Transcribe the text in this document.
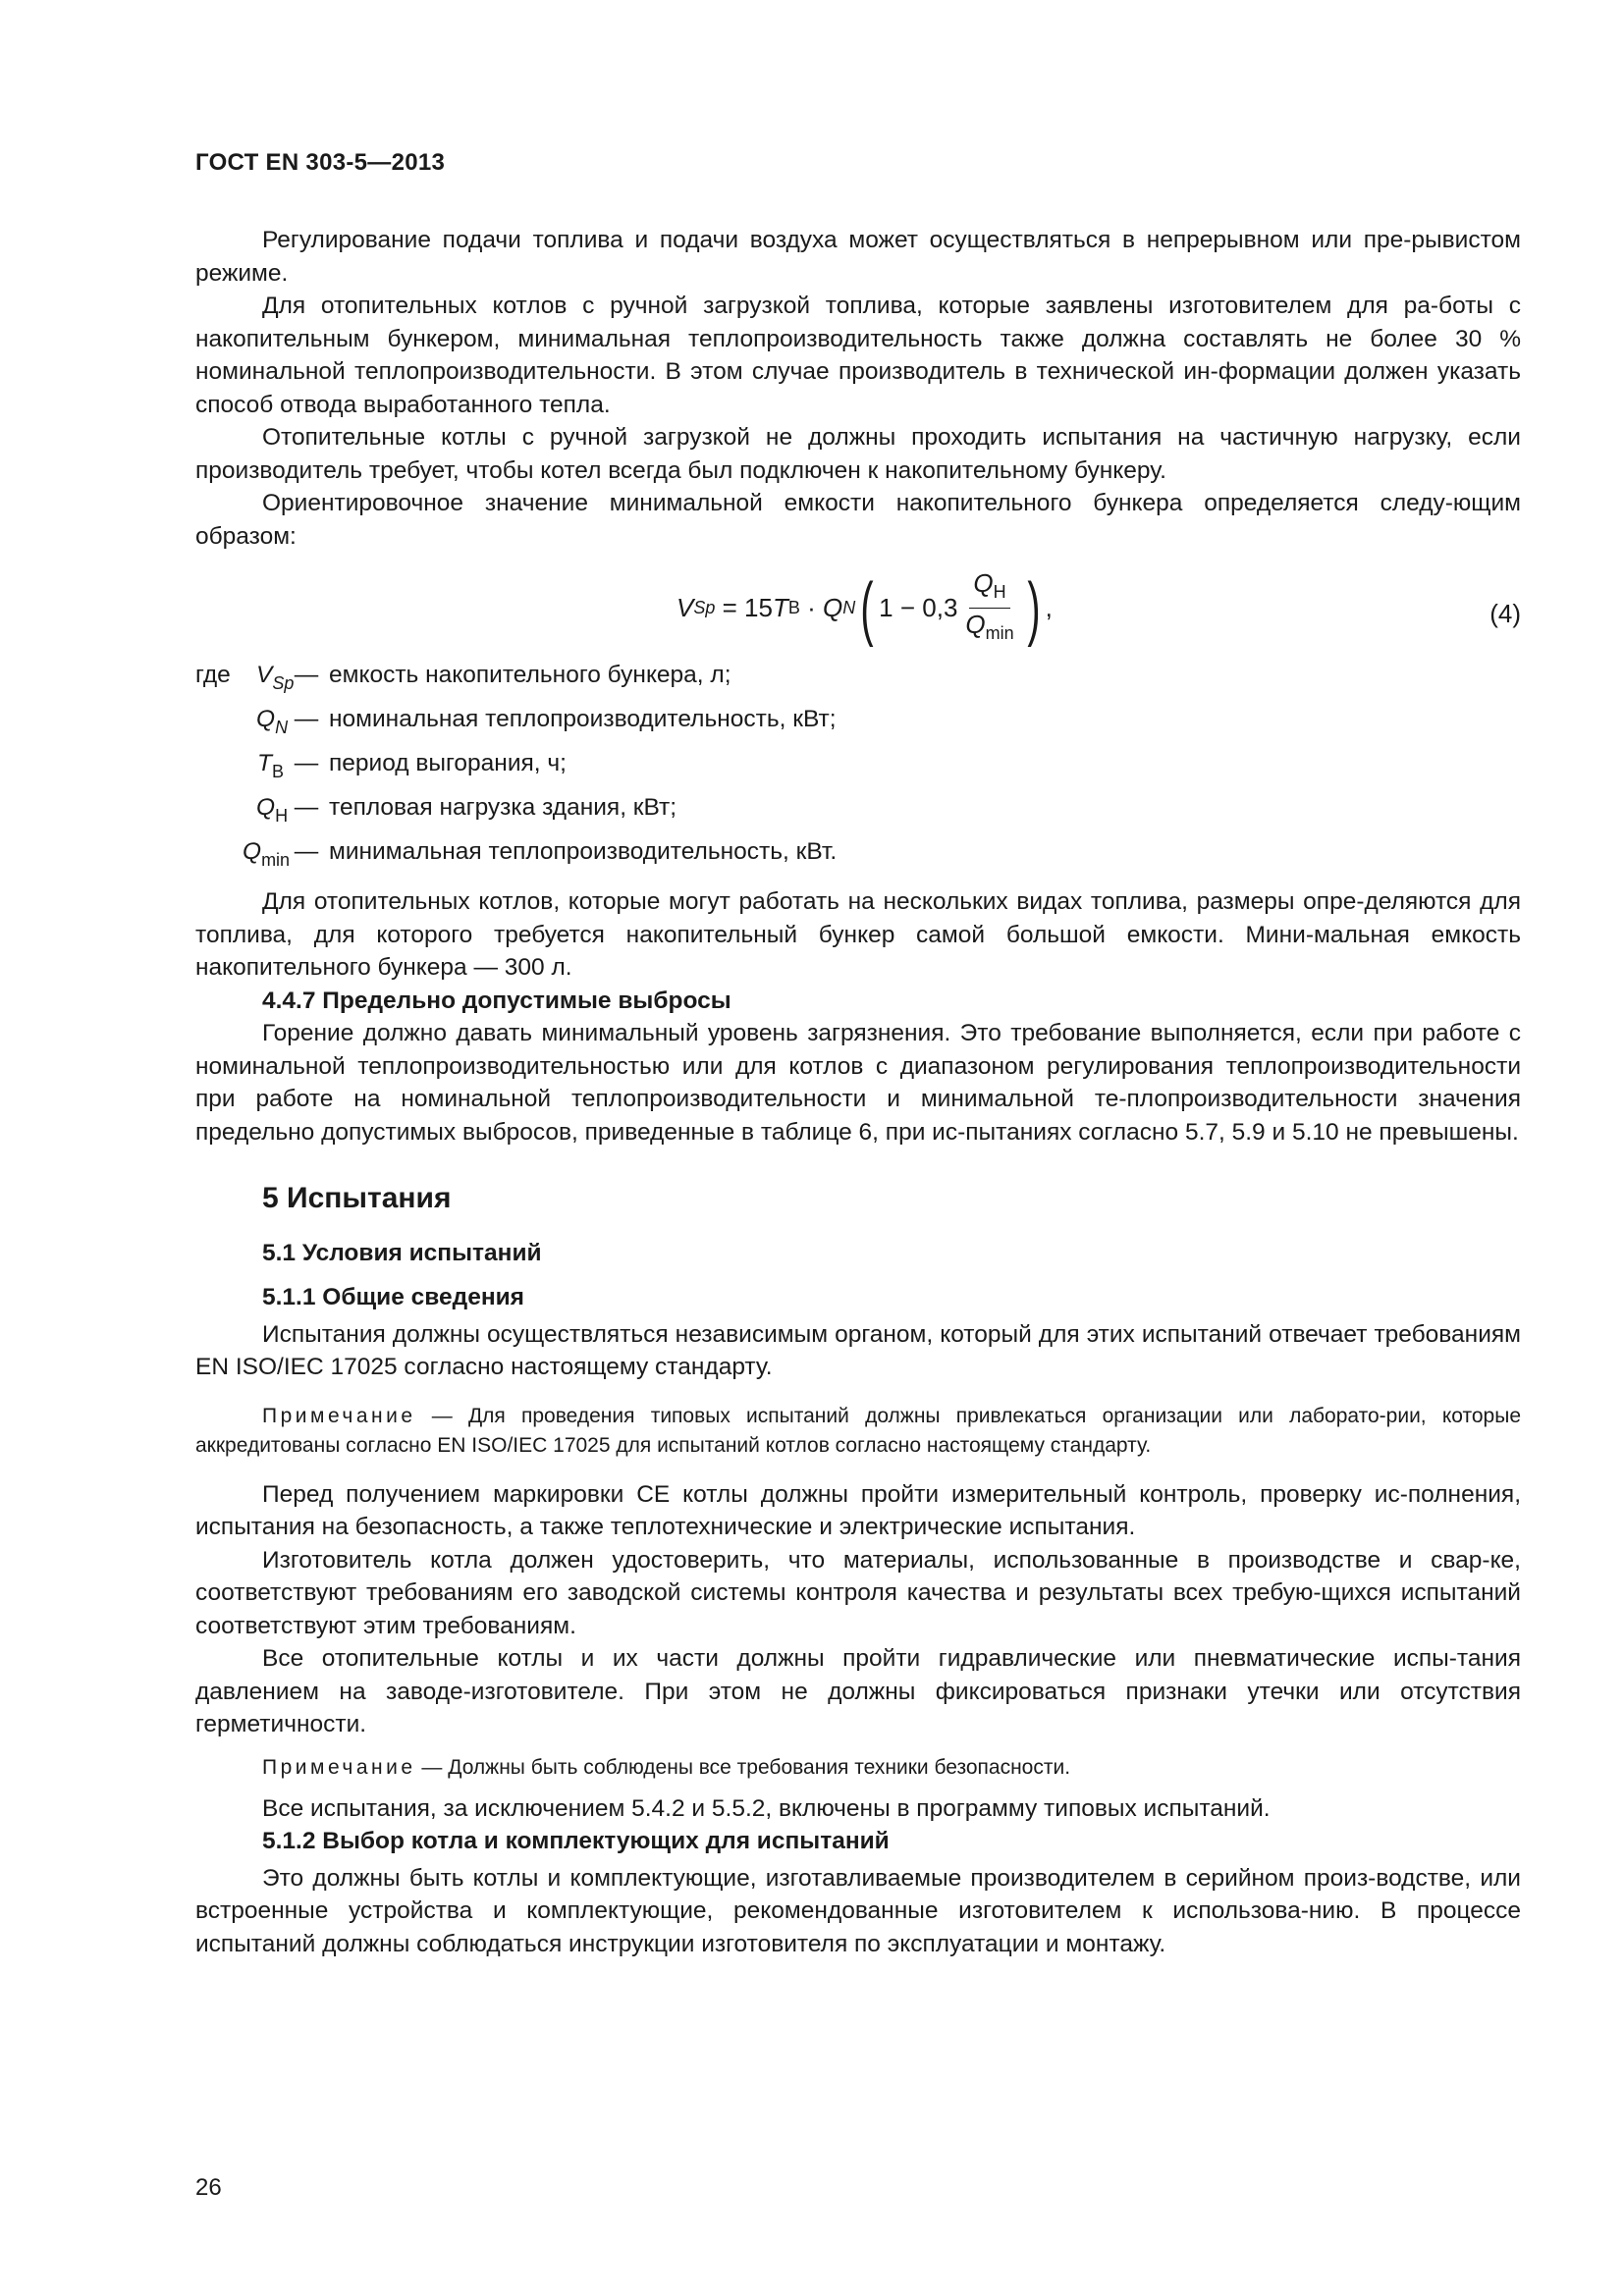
ГОСТ EN 303-5—2013

Регулирование подачи топлива и подачи воздуха может осуществляться в непрерывном или пре-рывистом режиме.

Для отопительных котлов с ручной загрузкой топлива, которые заявлены изготовителем для ра-боты с накопительным бункером, минимальная теплопроизводительность также должна составлять не более 30 % номинальной теплопроизводительности. В этом случае производитель в технической ин-формации должен указать способ отвода выработанного тепла.

Отопительные котлы с ручной загрузкой не должны проходить испытания на частичную нагрузку, если производитель требует, чтобы котел всегда был подключен к накопительному бункеру.

Ориентировочное значение минимальной емкости накопительного бункера определяется следу-ющим образом:

V Sp = 15 T B · Q N ( $1 - 0,3 \frac{Q_H}{Q_{min}}$ ) ,	(4)
где	$V_{Sp}$ — емкость накопительного бункера, л;
$Q_N$ — номинальная теплопроизводительность, кВт;
$T_B$ — период выгорания, ч;
$Q_H$ — тепловая нагрузка здания, кВт;
$Q_{min}$ — минимальная теплопроизводительность, кВт.

Для отопительных котлов, которые могут работать на нескольких видах топлива, размеры опре-деляются для топлива, для которого требуется накопительный бункер самой большой емкости. Мини-мальная емкость накопительного бункера — 300 л.

4.4.7 Предельно допустимые выбросы

Горение должно давать минимальный уровень загрязнения. Это требование выполняется, если при работе с номинальной теплопроизводительностью или для котлов с диапазоном регулирования теплопроизводительности при работе на номинальной теплопроизводительности и минимальной те-плопроизводительности значения предельно допустимых выбросов, приведенные в таблице 6, при ис-пытаниях согласно 5.7, 5.9 и 5.10 не превышены.

5 Испытания
5.1 Условия испытаний
5.1.1 Общие сведения

Испытания должны осуществляться независимым органом, который для этих испытаний отвечает требованиям EN ISO/IEC 17025 согласно настоящему стандарту.

Примечание — Для проведения типовых испытаний должны привлекаться организации или лаборато-рии, которые аккредитованы согласно EN ISO/IEC 17025 для испытаний котлов согласно настоящему стандарту.

Перед получением маркировки СЕ котлы должны пройти измерительный контроль, проверку ис-полнения, испытания на безопасность, а также теплотехнические и электрические испытания.

Изготовитель котла должен удостоверить, что материалы, использованные в производстве и свар-ке, соответствуют требованиям его заводской системы контроля качества и результаты всех требую-щихся испытаний соответствуют этим требованиям.

Все отопительные котлы и их части должны пройти гидравлические или пневматические испы-тания давлением на заводе-изготовителе. При этом не должны фиксироваться признаки утечки или отсутствия герметичности.

Примечание — Должны быть соблюдены все требования техники безопасности.

Все испытания, за исключением 5.4.2 и 5.5.2, включены в программу типовых испытаний.

5.1.2 Выбор котла и комплектующих для испытаний

Это должны быть котлы и комплектующие, изготавливаемые производителем в серийном произ-водстве, или встроенные устройства и комплектующие, рекомендованные изготовителем к использова-нию. В процессе испытаний должны соблюдаться инструкции изготовителя по эксплуатации и монтажу.

26
